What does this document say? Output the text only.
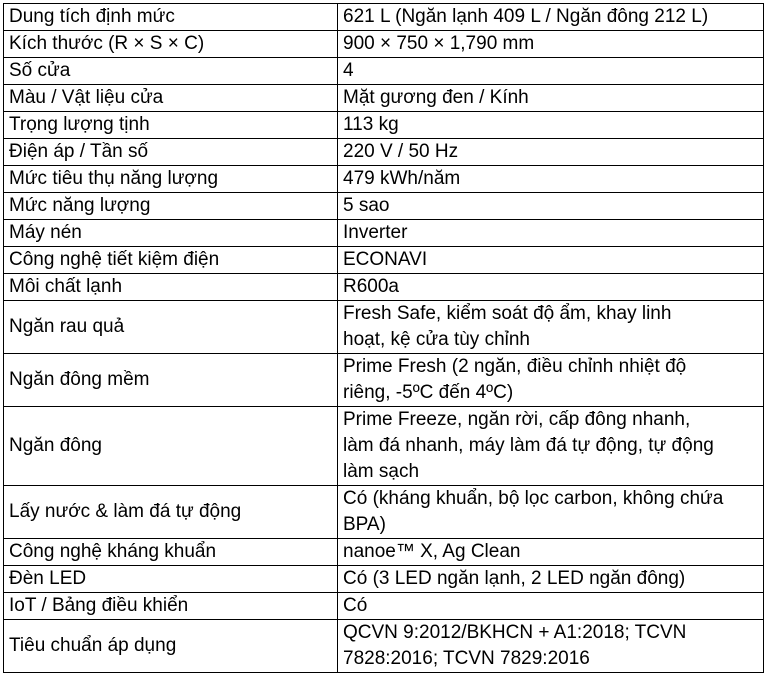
Dung tích định mức	621 L (Ngăn lạnh 409 L / Ngăn đông 212 L)
Kích thước (R × S × C)	900 × 750 × 1,790 mm
Số cửa	4
Màu / Vật liệu cửa	Mặt gương đen / Kính
Trọng lượng tịnh	113 kg
Điện áp / Tần số	220 V / 50 Hz
Mức tiêu thụ năng lượng	479 kWh/năm
Mức năng lượng	5 sao
Máy nén	Inverter
Công nghệ tiết kiệm điện	ECONAVI
Môi chất lạnh	R600a
Ngăn rau quả	Fresh Safe, kiểm soát độ ẩm, khay linh
hoạt, kệ cửa tùy chỉnh
Ngăn đông mềm	Prime Fresh (2 ngăn, điều chỉnh nhiệt độ
riêng, -5ºC đến 4ºC)
Ngăn đông	Prime Freeze, ngăn rời, cấp đông nhanh,
làm đá nhanh, máy làm đá tự động, tự động
làm sạch
Lấy nước & làm đá tự động	Có (kháng khuẩn, bộ lọc carbon, không chứa
BPA)
Công nghệ kháng khuẩn	nanoe™ X, Ag Clean
Đèn LED	Có (3 LED ngăn lạnh, 2 LED ngăn đông)
IoT / Bảng điều khiển	Có
Tiêu chuẩn áp dụng	QCVN 9:2012/BKHCN + A1:2018; TCVN
7828:2016; TCVN 7829:2016
